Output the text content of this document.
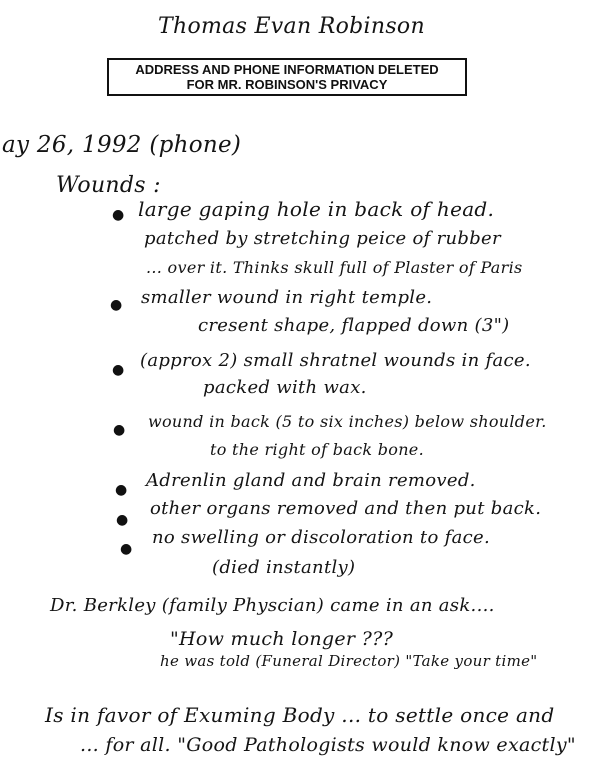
Thomas Evan Robinson
ADDRESS AND PHONE INFORMATION DELETED
FOR MR. ROBINSON'S PRIVACY
ay 26, 1992 (phone)
Wounds :
● large gaping hole in back of head.
patched by stretching peice of rubber
... over it. Thinks skull full of Plaster of Paris
● smaller wound in right temple.
cresent shape, flapped down (3")
● (approx 2) small shratnel wounds in face.
packed with wax.
● wound in back (5 to six inches) below shoulder.
to the right of back bone.
● Adrenlin gland and brain removed.
●
other organs removed and then put back.
●
no swelling or discoloration to face.
(died instantly)
Dr. Berkley (family Physcian) came in an ask....
"How much longer ???
he was told (Funeral Director) "Take your time"
Is in favor of Exuming Body ... to settle once and
... for all. "Good Pathologists would know exactly"
